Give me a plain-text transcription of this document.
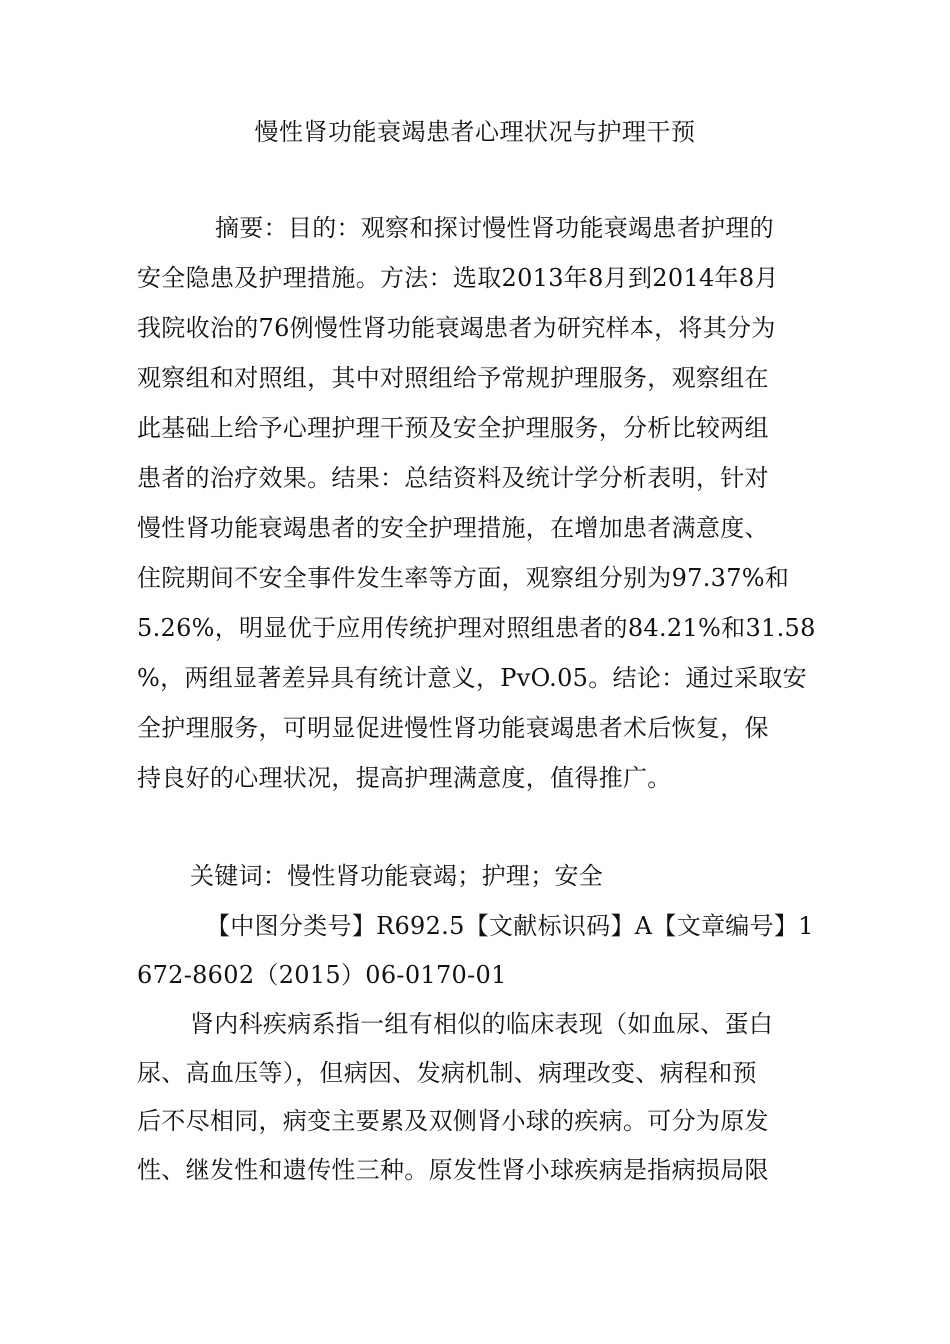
慢性肾功能衰竭患者心理状况与护理干预
摘要：目的：观察和探讨慢性肾功能衰竭患者护理的
安全隐患及护理措施。方法：选取2013年8月到2014年8月
我院收治的76例慢性肾功能衰竭患者为研究样本，将其分为
观察组和对照组，其中对照组给予常规护理服务，观察组在
此基础上给予心理护理干预及安全护理服务，分析比较两组
患者的治疗效果。结果：总结资料及统计学分析表明，针对
慢性肾功能衰竭患者的安全护理措施，在增加患者满意度、
住院期间不安全事件发生率等方面，观察组分别为97.37%和
5.26%，明显优于应用传统护理对照组患者的84.21%和31.58
%，两组显著差异具有统计意义，PvO.05。结论：通过采取安
全护理服务，可明显促进慢性肾功能衰竭患者术后恢复，保
持良好的心理状况，提高护理满意度，值得推广。
关键词：慢性肾功能衰竭；护理；安全
【中图分类号】R692.5【文献标识码】A【文章编号】1
672-8602（2015）06-0170-01
肾内科疾病系指一组有相似的临床表现（如血尿、蛋白
尿、高血压等），但病因、发病机制、病理改变、病程和预
后不尽相同，病变主要累及双侧肾小球的疾病。可分为原发
性、继发性和遗传性三种。原发性肾小球疾病是指病损局限
